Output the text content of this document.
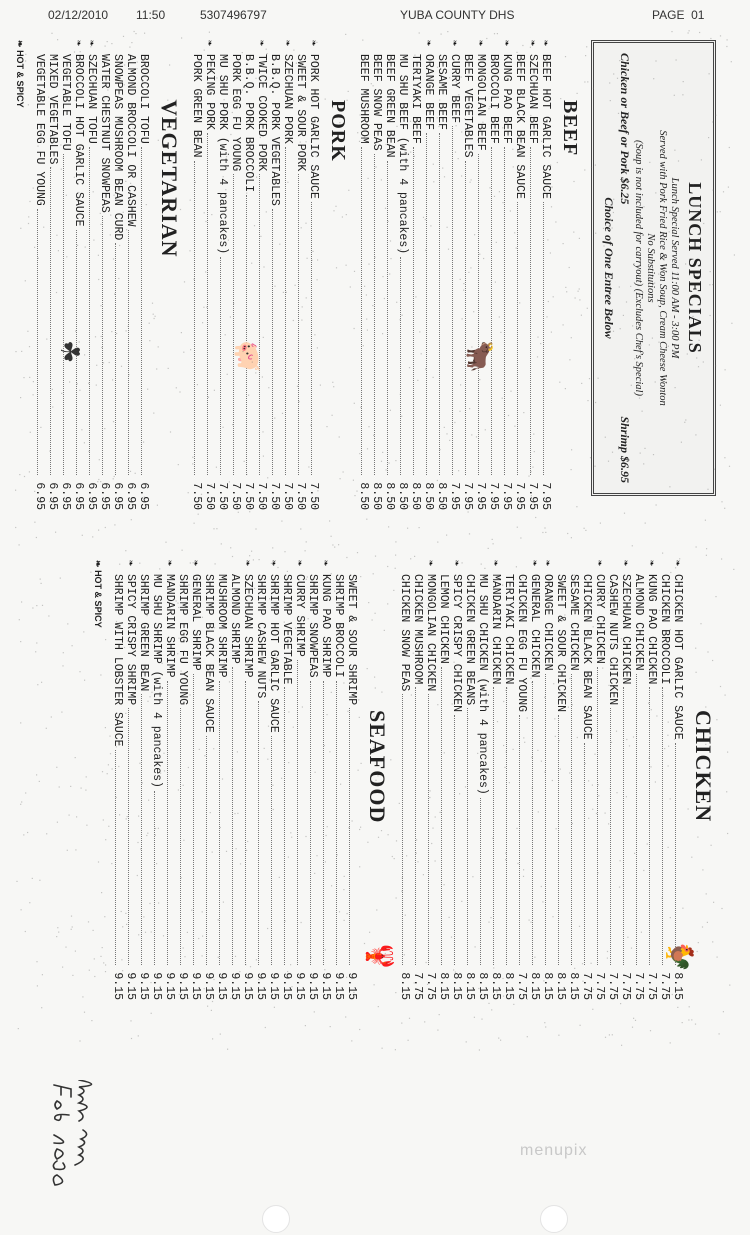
02/12/2010 11:50	5307496797	YUBA COUNTY DHS	PAGE  01
LUNCH SPECIALS

Lunch Special Served 11:00 AM - 3:00 PM

Served with Pork Fried Rice & Won Soup, Cream Cheese Wonton

No Substitutions

(Soup is not included for carryout) (Excludes Chef's Special)

Chicken or Beef or Pork $6.25
Shrimp $6.95

Choice of One Entree Below

BEEF
❧
BEEF HOT GARLIC SAUCE
7.95
❧
SZECHUAN BEEF
7.95
BEEF BLACK BEAN SAUCE
7.95
❧
KUNG PAO BEEF
7.95
BROCCOLI BEEF
7.95
❧
MONGOLIAN BEEF
7.95
BEEF VEGETABLES
7.95
❧
CURRY BEEF
7.95
SESAME BEEF
8.50
❧
ORANGE BEEF
8.50
TERIYAKI BEEF
8.50
MU SHU BEEF (with 4 pancakes)
8.50
BEEF GREEN BEAN
8.50
BEEF SNOW PEAS
8.50
BEEF MUSHROOM
8.50
PORK
❧
PORK HOT GARLIC SAUCE
7.50
SWEET & SOUR PORK
7.50
❧
SZECHUAN PORK
7.50
B.B.Q. PORK VEGETABLES
7.50
❧
TWICE COOKED PORK
7.50
B.B.Q. PORK BROCCOLI
7.50
PORK EGG FU YOUNG
7.50
MU SHU PORK (with 4 pancakes)
7.50
❧
PEKING PORK
7.50
PORK GREEN BEAN
7.50
VEGETARIAN
BROCCOLI TOFU
6.95
ALMOND BROCCOLI OR CASHEW
6.95
SNOWPEAS MUSHROOM BEAN CURD
6.95
WATER CHESTNUT SNOWPEAS
6.95
❧
SZECHUAN TOFU
6.95
❧
BROCCOLI HOT GARLIC SAUCE
6.95
VEGETABLE TOFU
6.95
MIXED VEGETABLES
6.95
VEGETABLE EGG FU YOUNG
6.95
❧ HOT & SPICY
🐂
🐖
☘
CHICKEN
❧
CHICKEN HOT GARLIC SAUCE
8.15
CHICKEN BROCCOLI
7.75
❧
KUNG PAO CHICKEN
7.75
ALMOND CHICKEN
7.75
❧
SZECHUAN CHICKEN
7.75
CASHEW NUTS CHICKEN
7.75
❧
CURRY CHICKEN
7.75
CHICKEN BLACK BEAN SAUCE
7.75
SESAME CHICKEN
8.15
SWEET & SOUR CHICKEN
8.15
❧
ORANGE CHICKEN
8.15
❧
GENERAL CHICKEN
8.15
CHICKEN EGG FU YOUNG
7.75
TERIYAKI CHICKEN
8.15
❧
MANDARIN CHICKEN
8.15
MU SHU CHICKEN (with 4 pancakes)
8.15
CHICKEN GREEN BEANS
8.15
❧
SPICY CRISPY CHICKEN
8.15
LEMON CHICKEN
8.15
❧
MONGOLIAN CHICKEN
7.75
CHICKEN MUSHROOM
7.75
CHICKEN SNOW PEAS
8.15
SEAFOOD
SWEET & SOUR SHRIMP
9.15
SHRIMP BROCCOLI
9.15
❧
KUNG PAO SHRIMP
9.15
SHRIMP SNOWPEAS
9.15
❧
CURRY SHRIMP
9.15
SHRIMP VEGETABLE
9.15
❧
SHRIMP HOT GARLIC SAUCE
9.15
SHRIMP CASHEW NUTS
9.15
❧
SZECHUAN SHRIMP
9.15
ALMOND SHRIMP
9.15
MUSHROOM SHRIMP
9.15
SHRIMP BLACK BEAN SAUCE
9.15
❧
GENERAL SHRIMP
9.15
SHRIMP EGG FU YOUNG
9.15
❧
MANDARIN SHRIMP
9.15
MU SHU SHRIMP (with 4 pancakes)
9.15
SHRIMP GREEN BEAN
9.15
❧
SPICY CRISPY SHRIMP
9.15
SHRIMP WITH LOBSTER SAUCE
9.15
❧ HOT & SPICY
🐓
🦞
menupix
